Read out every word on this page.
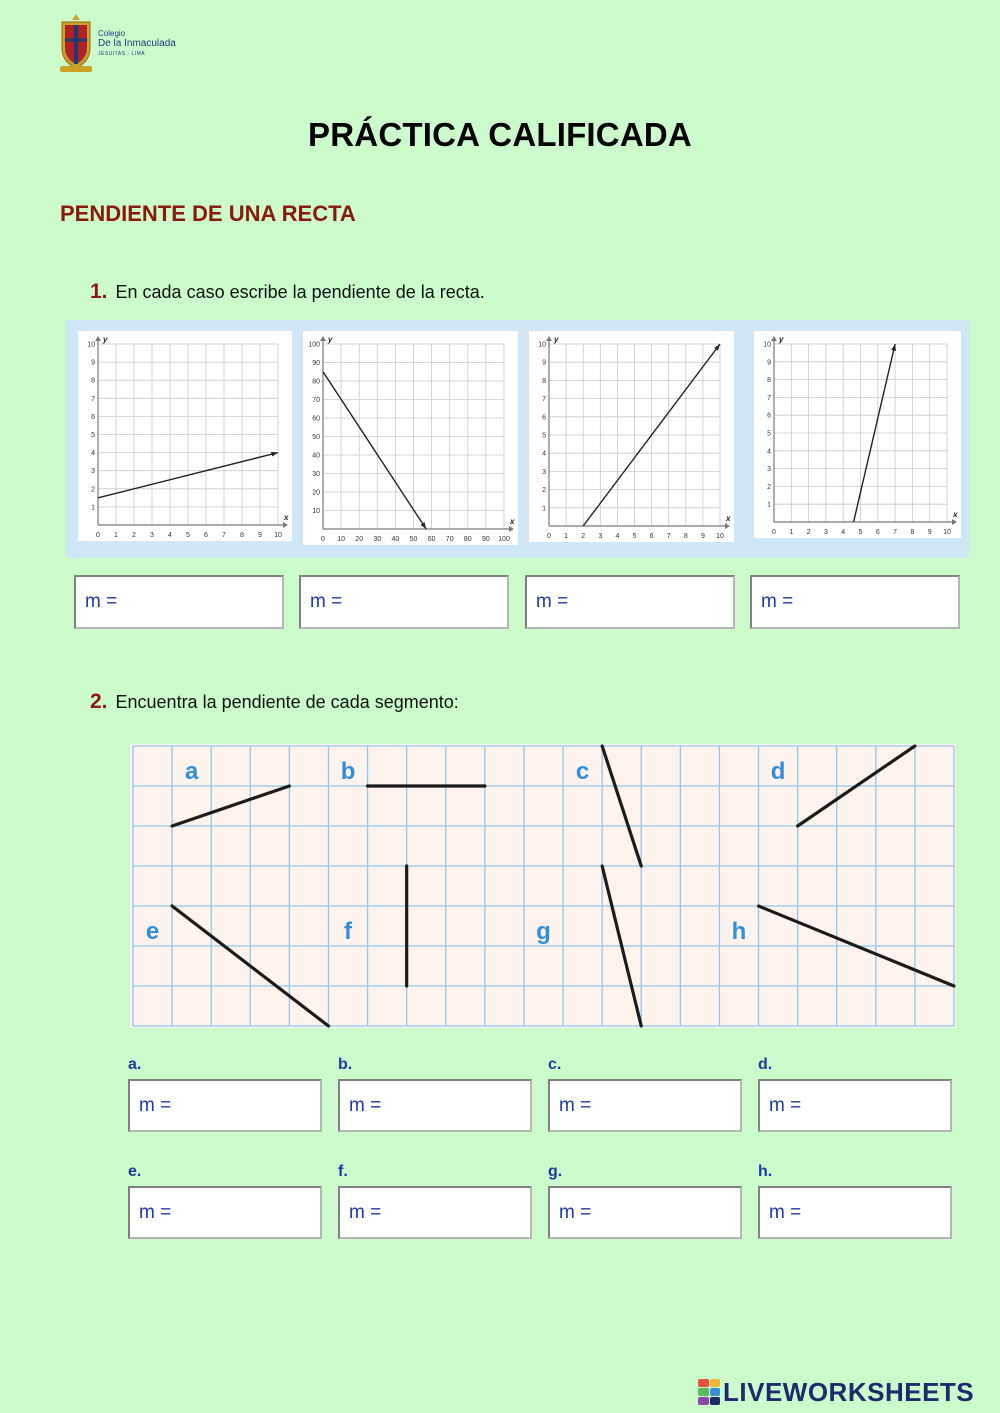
Colegio
De la Inmaculada
JESUITAS - LIMA
PRÁCTICA CALIFICADA
PENDIENTE DE UNA RECTA
1. En cada caso escribe la pendiente de la recta.
0 1 2 3 4 5 6 7 8 9 10
1
2
3
4
5
6
7
8
9
10
x
y
0 10 20 30 40 50 60 70 80 90 100
10
20
30
40
50
60
70
80
90
100
x
y
0 1 2 3 4 5 6 7 8 9 10
1
2
3
4
5
6
7
8
9
10
x
y
0 1 2 3 4 5 6 7 8 9 10
1
2
3
4
5
6
7
8
9
10
x
y
m =	m =	m =	m =
2. Encuentra la pendiente de cada segmento:
a	b	c	d
e	f	g	h
a.	b.	c.	d.
m =	m =	m =	m =
e.	f.	g.	h.
m =	m =	m =	m =
LIVEWORKSHEETS
